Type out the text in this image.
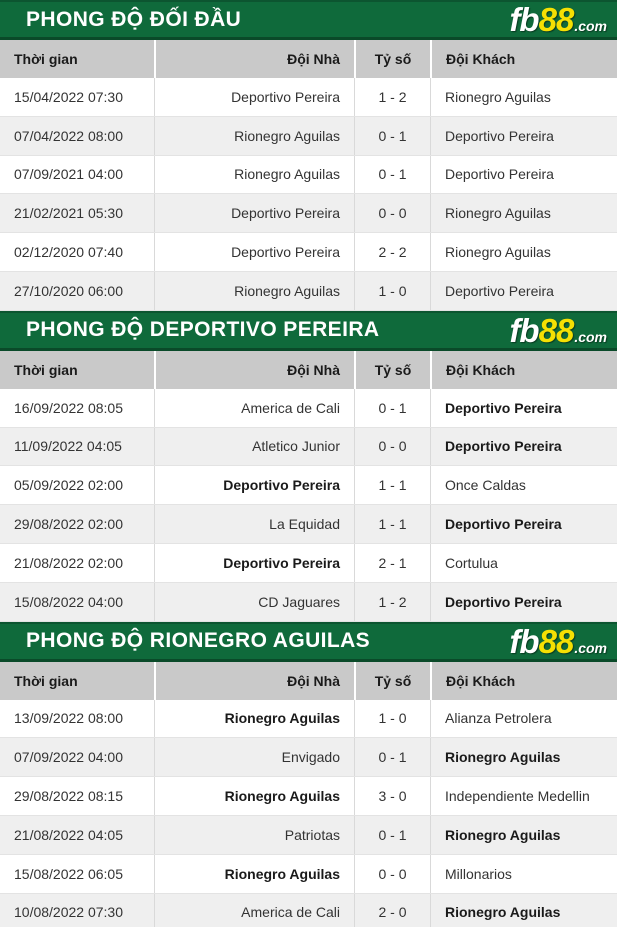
PHONG ĐỘ ĐỐI ĐẦU	fb 88 .com
Thời gian	Đội Nhà	Tỷ số	Đội Khách
15/04/2022 07:30	Deportivo Pereira	1 - 2	Rionegro Aguilas
07/04/2022 08:00	Rionegro Aguilas	0 - 1	Deportivo Pereira
07/09/2021 04:00	Rionegro Aguilas	0 - 1	Deportivo Pereira
21/02/2021 05:30	Deportivo Pereira	0 - 0	Rionegro Aguilas
02/12/2020 07:40	Deportivo Pereira	2 - 2	Rionegro Aguilas
27/10/2020 06:00	Rionegro Aguilas	1 - 0	Deportivo Pereira
PHONG ĐỘ DEPORTIVO PEREIRA	fb 88 .com
Thời gian	Đội Nhà	Tỷ số	Đội Khách
16/09/2022 08:05	America de Cali	0 - 1	Deportivo Pereira
11/09/2022 04:05	Atletico Junior	0 - 0	Deportivo Pereira
05/09/2022 02:00	Deportivo Pereira	1 - 1	Once Caldas
29/08/2022 02:00	La Equidad	1 - 1	Deportivo Pereira
21/08/2022 02:00	Deportivo Pereira	2 - 1	Cortulua
15/08/2022 04:00	CD Jaguares	1 - 2	Deportivo Pereira
PHONG ĐỘ RIONEGRO AGUILAS	fb 88 .com
Thời gian	Đội Nhà	Tỷ số	Đội Khách
13/09/2022 08:00	Rionegro Aguilas	1 - 0	Alianza Petrolera
07/09/2022 04:00	Envigado	0 - 1	Rionegro Aguilas
29/08/2022 08:15	Rionegro Aguilas	3 - 0	Independiente Medellin
21/08/2022 04:05	Patriotas	0 - 1	Rionegro Aguilas
15/08/2022 06:05	Rionegro Aguilas	0 - 0	Millonarios
10/08/2022 07:30	America de Cali	2 - 0	Rionegro Aguilas
